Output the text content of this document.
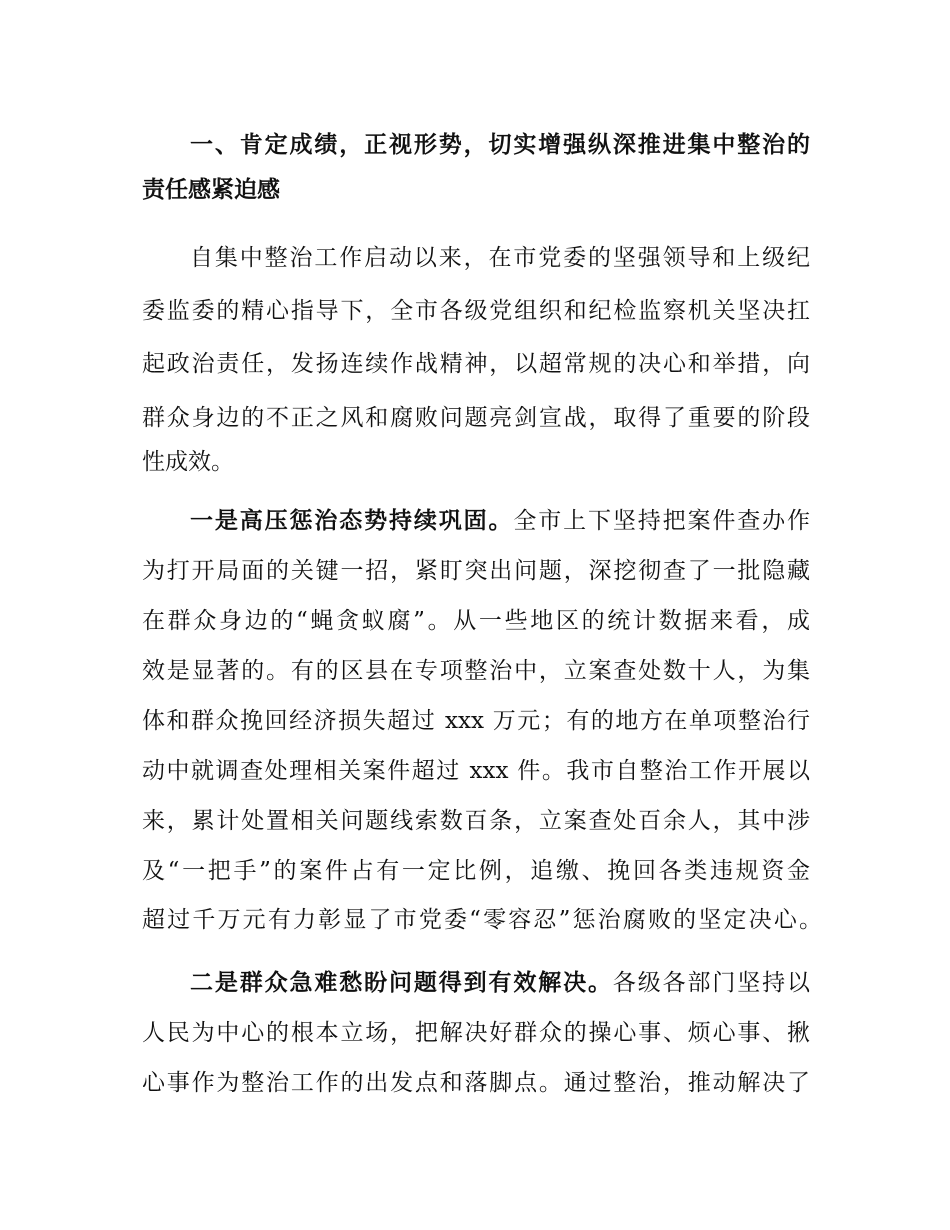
一、肯定成绩，正视形势，切实增强纵深推进集中整治的
责任感紧迫感
自集中整治工作启动以来，在市党委的坚强领导和上级纪
委监委的精心指导下，全市各级党组织和纪检监察机关坚决扛
起政治责任，发扬连续作战精神，以超常规的决心和举措，向
群众身边的不正之风和腐败问题亮剑宣战，取得了重要的阶段
性成效。
一是高压惩治态势持续巩固。全市上下坚持把案件查办作
为打开局面的关键一招，紧盯突出问题，深挖彻查了一批隐藏
在群众身边的“蝇贪蚁腐”。从一些地区的统计数据来看，成
效是显著的。有的区县在专项整治中，立案查处数十人，为集
体和群众挽回经济损失超过 xxx 万元；有的地方在单项整治行
动中就调查处理相关案件超过 xxx 件。我市自整治工作开展以
来，累计处置相关问题线索数百条，立案查处百余人，其中涉
及“一把手”的案件占有一定比例，追缴、挽回各类违规资金
超过千万元有力彰显了市党委“零容忍”惩治腐败的坚定决心。
二是群众急难愁盼问题得到有效解决。各级各部门坚持以
人民为中心的根本立场，把解决好群众的操心事、烦心事、揪
心事作为整治工作的出发点和落脚点。通过整治，推动解决了
